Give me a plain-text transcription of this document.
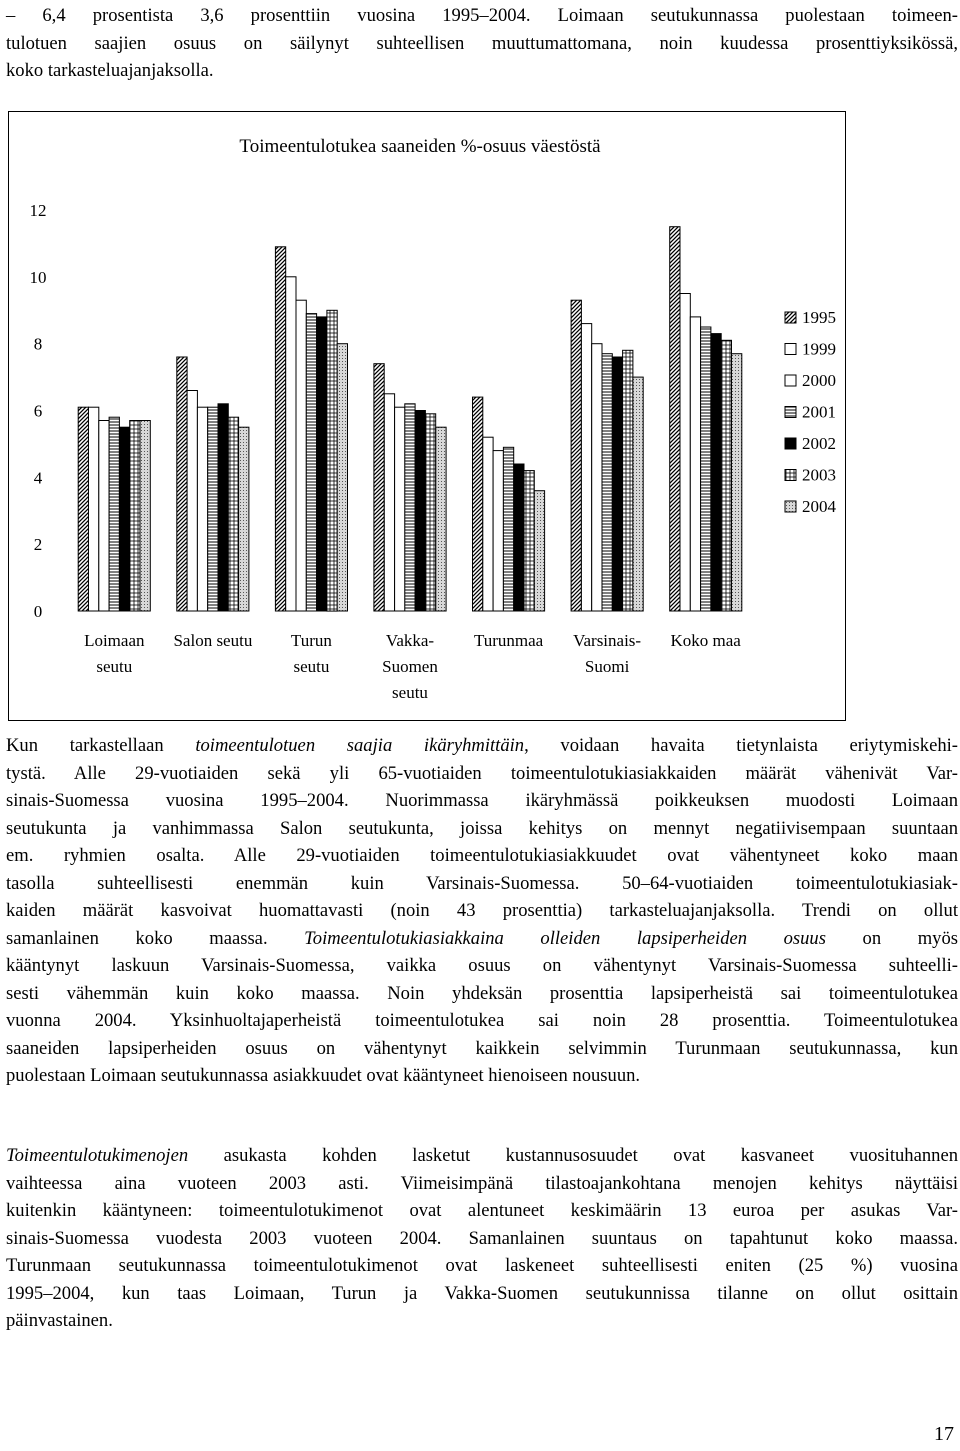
– 6,4 prosentista 3,6 prosenttiin vuosina 1995–2004. Loimaan seutukunnassa puolestaan toimeen-
tulotuen saajien osuus on säilynyt suhteellisen muuttumattomana, noin kuudessa prosenttiyksikössä,
koko tarkasteluajanjaksolla.
Toimeentulotukea saaneiden %-osuus väestöstä
0
2
4
6
8
10
12
Loimaan
seutu
Salon seutu Turun
seutu
Vakka-
Suomen
seutu
Turunmaa Varsinais-
Suomi
Koko maa
1995
1999
2000
2001
2002
2003
2004
Kun tarkastellaan toimeentulotuen saajia ikäryhmittäin, voidaan havaita tietynlaista eriytymiskehi-
tystä. Alle 29-vuotiaiden sekä yli 65-vuotiaiden toimeentulotukiasiakkaiden määrät vähenivät Var-
sinais-Suomessa vuosina 1995–2004. Nuorimmassa ikäryhmässä poikkeuksen muodosti Loimaan
seutukunta ja vanhimmassa Salon seutukunta, joissa kehitys on mennyt negatiivisempaan suuntaan
em. ryhmien osalta. Alle 29-vuotiaiden toimeentulotukiasiakkuudet ovat vähentyneet koko maan
tasolla suhteellisesti enemmän kuin Varsinais-Suomessa. 50–64-vuotiaiden toimeentulotukiasiak-
kaiden määrät kasvoivat huomattavasti (noin 43 prosenttia) tarkasteluajanjaksolla. Trendi on ollut
samanlainen koko maassa. Toimeentulotukiasiakkaina olleiden lapsiperheiden osuus on myös
kääntynyt laskuun Varsinais-Suomessa, vaikka osuus on vähentynyt Varsinais-Suomessa suhteelli-
sesti vähemmän kuin koko maassa. Noin yhdeksän prosenttia lapsiperheistä sai toimeentulotukea
vuonna 2004. Yksinhuoltajaperheistä toimeentulotukea sai noin 28 prosenttia. Toimeentulotukea
saaneiden lapsiperheiden osuus on vähentynyt kaikkein selvimmin Turunmaan seutukunnassa, kun
puolestaan Loimaan seutukunnassa asiakkuudet ovat kääntyneet hienoiseen nousuun.
Toimeentulotukimenojen asukasta kohden lasketut kustannusosuudet ovat kasvaneet vuosituhannen
vaihteessa aina vuoteen 2003 asti. Viimeisimpänä tilastoajankohtana menojen kehitys näyttäisi
kuitenkin kääntyneen: toimeentulotukimenot ovat alentuneet keskimäärin 13 euroa per asukas Var-
sinais-Suomessa vuodesta 2003 vuoteen 2004. Samanlainen suuntaus on tapahtunut koko maassa.
Turunmaan seutukunnassa toimeentulotukimenot ovat laskeneet suhteellisesti eniten (25 %) vuosina
1995–2004, kun taas Loimaan, Turun ja Vakka-Suomen seutukunnissa tilanne on ollut osittain
päinvastainen.
17
